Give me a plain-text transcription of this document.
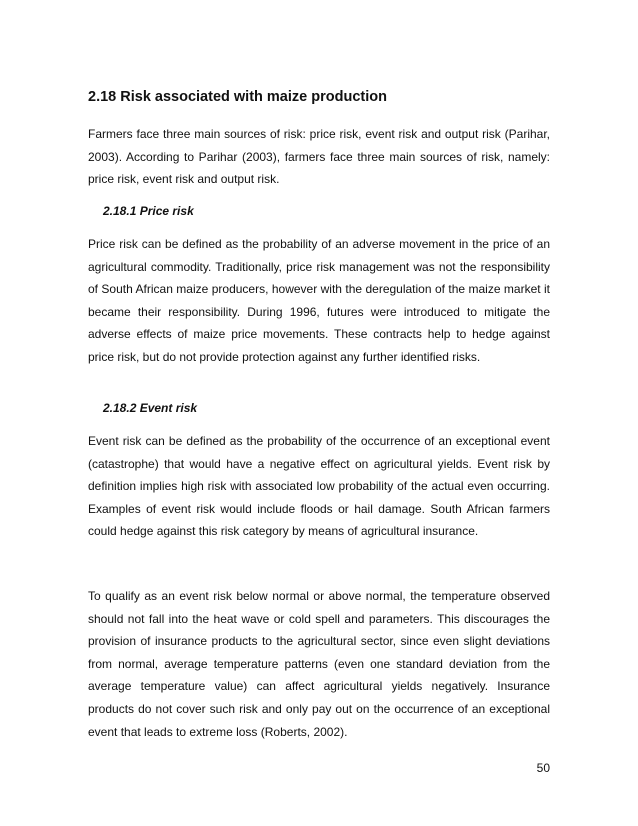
2.18 Risk associated with maize production

Farmers face three main sources of risk: price risk, event risk and output risk (Parihar, 2003). According to Parihar (2003), farmers face three main sources of risk, namely: price risk, event risk and output risk.

2.18.1 Price risk

Price risk can be defined as the probability of an adverse movement in the price of an agricultural commodity. Traditionally, price risk management was not the responsibility of South African maize producers, however with the deregulation of the maize market it became their responsibility. During 1996, futures were introduced to mitigate the adverse effects of maize price movements. These contracts help to hedge against price risk, but do not provide protection against any further identified risks.

2.18.2 Event risk

Event risk can be defined as the probability of the occurrence of an exceptional event (catastrophe) that would have a negative effect on agricultural yields. Event risk by definition implies high risk with associated low probability of the actual even occurring. Examples of event risk would include floods or hail damage. South African farmers could hedge against this risk category by means of agricultural insurance.

To qualify as an event risk below normal or above normal, the temperature observed should not fall into the heat wave or cold spell and parameters. This discourages the provision of insurance products to the agricultural sector, since even slight deviations from normal, average temperature patterns (even one standard deviation from the average temperature value) can affect agricultural yields negatively. Insurance products do not cover such risk and only pay out on the occurrence of an exceptional event that leads to extreme loss (Roberts, 2002).

50
